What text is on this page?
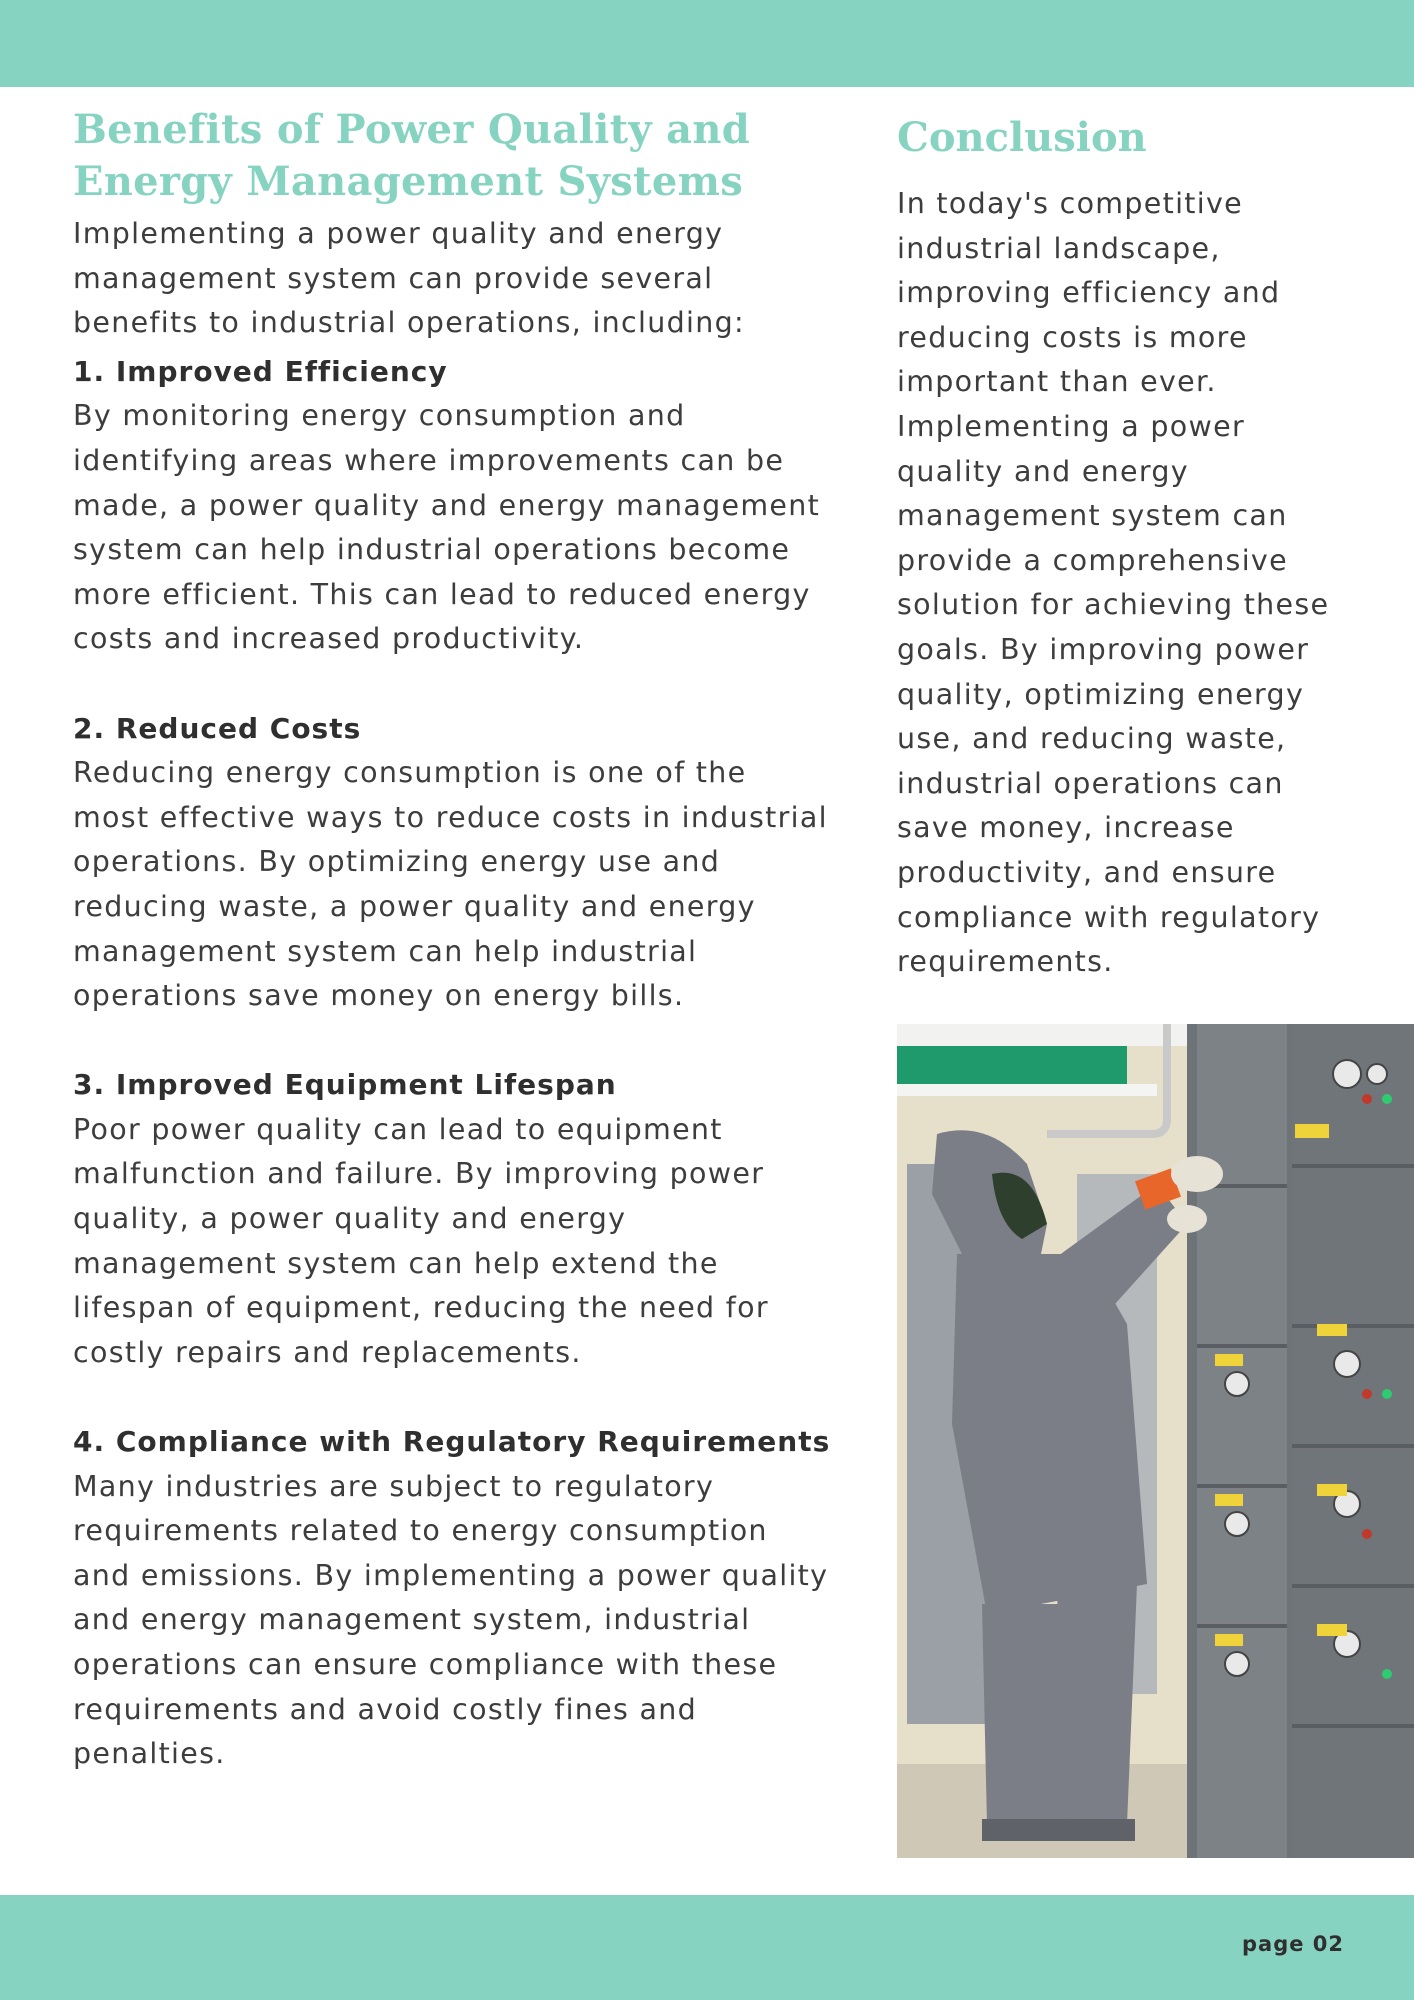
Benefits of Power Quality and Energy Management Systems

Implementing a power quality and energy management system can provide several benefits to industrial operations, including:

1. Improved Efficiency

By monitoring energy consumption and identifying areas where improvements can be made, a power quality and energy management system can help industrial operations become more efficient. This can lead to reduced energy costs and increased productivity.

2. Reduced Costs

Reducing energy consumption is one of the most effective ways to reduce costs in industrial operations. By optimizing energy use and reducing waste, a power quality and energy management system can help industrial operations save money on energy bills.

3. Improved Equipment Lifespan

Poor power quality can lead to equipment malfunction and failure. By improving power quality, a power quality and energy management system can help extend the lifespan of equipment, reducing the need for costly repairs and replacements.

4. Compliance with Regulatory Requirements

Many industries are subject to regulatory requirements related to energy consumption and emissions. By implementing a power quality and energy management system, industrial operations can ensure compliance with these requirements and avoid costly fines and penalties.

Conclusion

In today's competitive industrial landscape, improving efficiency and reducing costs is more important than ever. Implementing a power quality and energy management system can provide a comprehensive solution for achieving these goals. By improving power quality, optimizing energy use, and reducing waste, industrial operations can save money, increase productivity, and ensure compliance with regulatory requirements.

page 02
